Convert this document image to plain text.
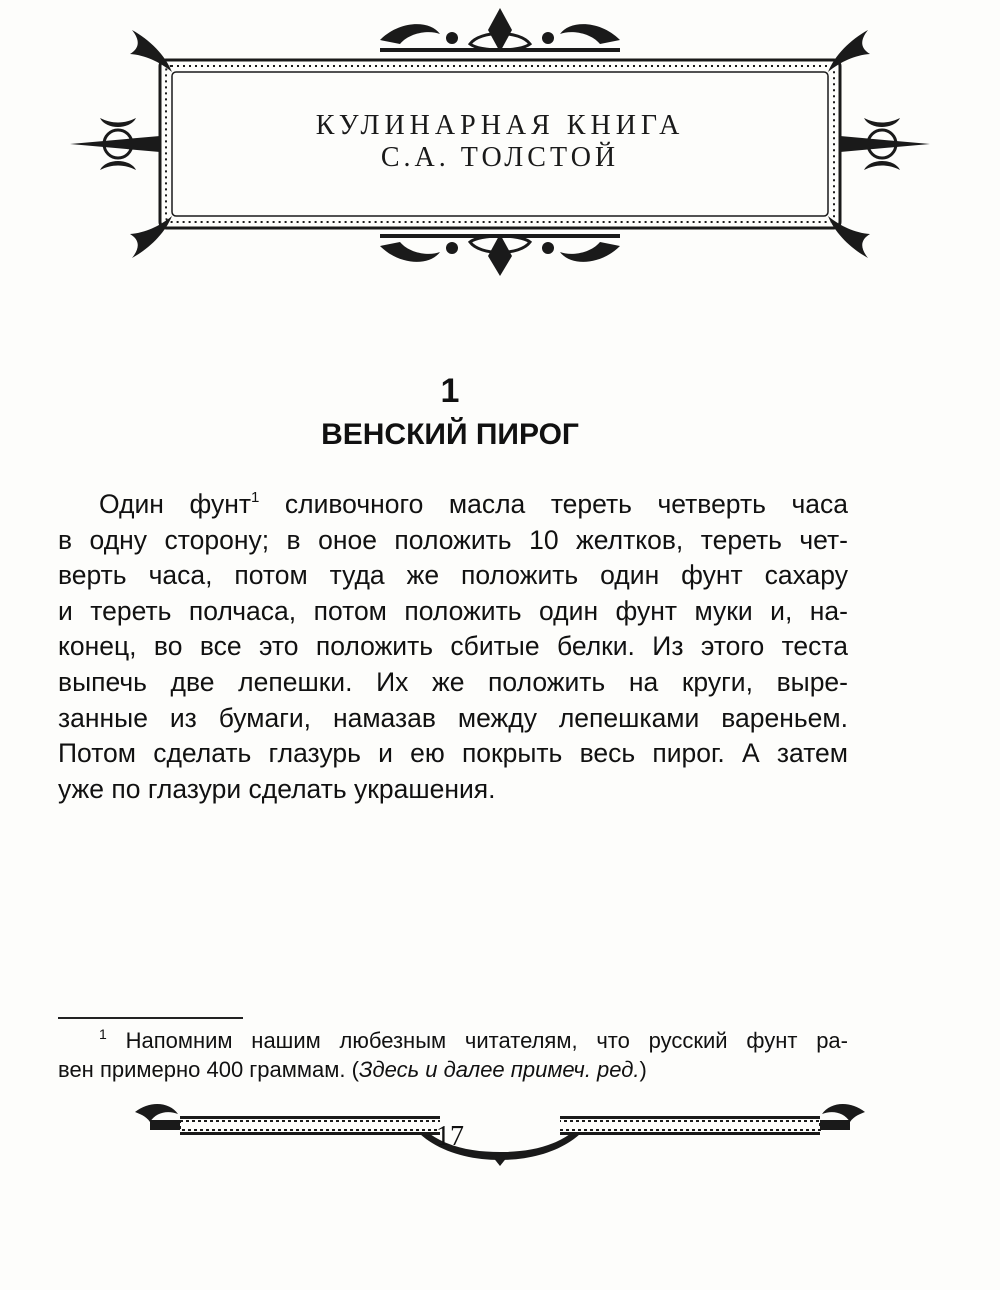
КУЛИНАРНАЯ КНИГА
С.А. ТОЛСТОЙ
1
ВЕНСКИЙ ПИРОГ
Один фунт$^1$ сливочного масла тереть четверть часа
в одну сторону; в оное положить 10 желтков, тереть чет-
верть часа, потом туда же положить один фунт сахару
и тереть полчаса, потом положить один фунт муки и, на-
конец, во все это положить сбитые белки. Из этого теста
выпечь две лепешки. Их же положить на круги, выре-
занные из бумаги, намазав между лепешками вареньем.
Потом сделать глазурь и ею покрыть весь пирог. А затем
уже по глазури сделать украшения.
$^1$ Напомним нашим любезным читателям, что русский фунт ра-
вен примерно 400 граммам. (Здесь и далее примеч. ред.)
17
